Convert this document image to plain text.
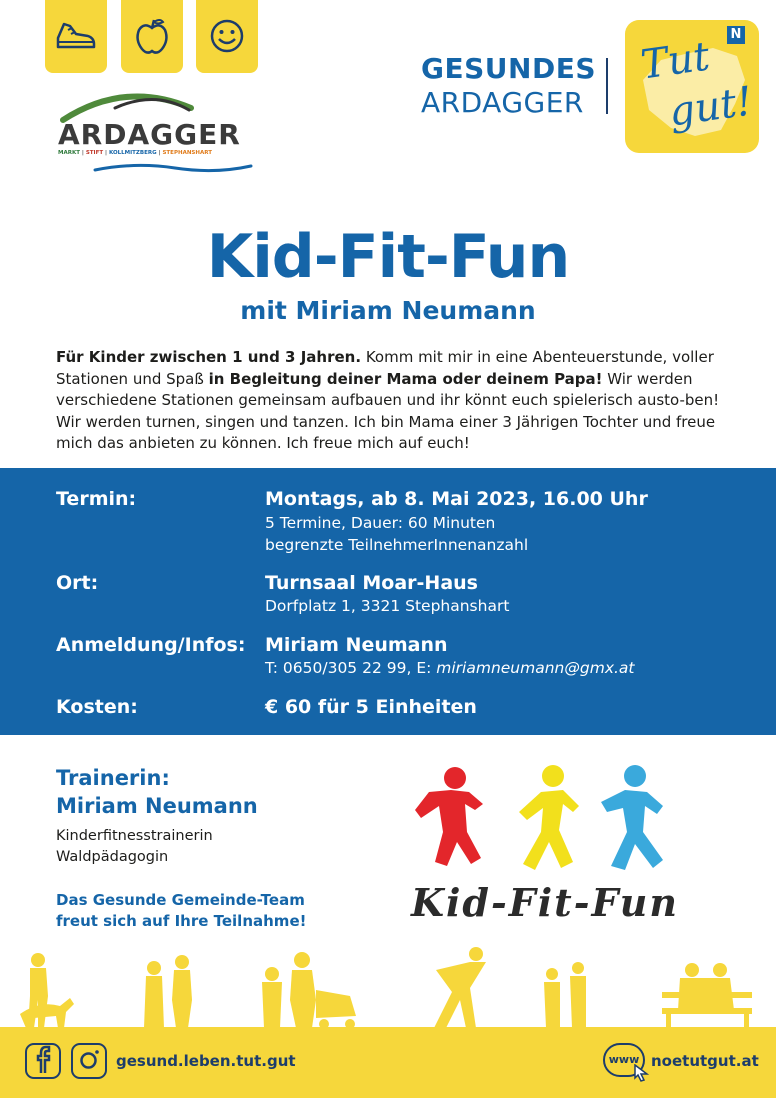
ARDAGGER
MARKT | STIFT | KOLLMITZBERG | STEPHANSHART
GESUNDES
ARDAGGER
N
Tut
gut!
Kid-Fit-Fun
mit Miriam Neumann
Für Kinder zwischen 1 und 3 Jahren. Komm mit mir in eine Abenteuerstunde, voller Stationen und Spaß in Begleitung deiner Mama oder deinem Papa! Wir werden verschiedene Stationen gemeinsam aufbauen und ihr könnt euch spielerisch austo-ben! Wir werden turnen, singen und tanzen. Ich bin Mama einer 3 Jährigen Tochter und freue mich das anbieten zu können. Ich freue mich auf euch!
Termin:	Montags, ab 8. Mai 2023, 16.00 Uhr
5 Termine, Dauer: 60 Minuten
begrenzte TeilnehmerInnenanzahl
Ort:	Turnsaal Moar-Haus
Dorfplatz 1, 3321 Stephanshart
Anmeldung/Infos: Miriam Neumann
T: 0650/305 22 99, E: miriamneumann@gmx.at
Kosten:	€ 60 für 5 Einheiten
Trainerin:
Miriam Neumann
Kinderfitnesstrainerin
Waldpädagogin
Das Gesunde Gemeinde-Team
freut sich auf Ihre Teilnahme!	Kid-Fit-Fun
gesund.leben.tut.gut	www noetutgut.at
